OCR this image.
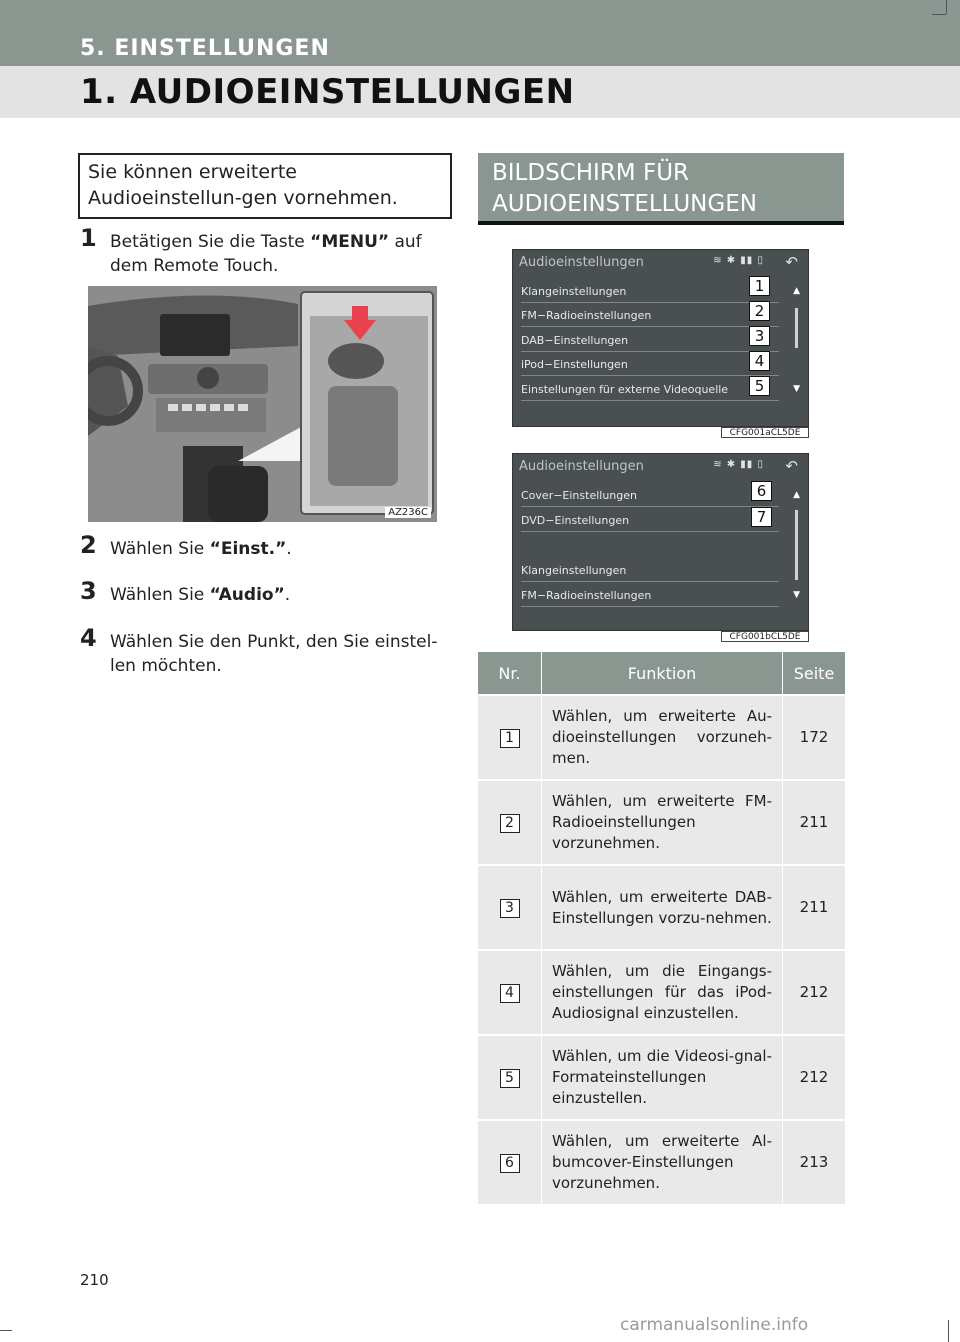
5. EINSTELLUNGEN
1. AUDIOEINSTELLUNGEN
Sie können erweiterte Audioeinstellun-gen vornehmen.
1 Betätigen Sie die Taste “MENU” auf dem Remote Touch.
AZ236C
2 Wählen Sie “Einst.”.
3 Wählen Sie “Audio”.
4 Wählen Sie den Punkt, den Sie einstel-len möchten.
BILDSCHIRM FÜR AUDIOEINSTELLUNGEN
Audioeinstellungen	≋ ✱ ▮▮ ▯ ↶
Klangeinstellungen
FM−Radioeinstellungen
DAB−Einstellungen
iPod−Einstellungen
Einstellungen für externe Videoquelle
1
2
3
4
5
▲
▼
CFG001aCL5DE
Audioeinstellungen	≋ ✱ ▮▮ ▯ ↶
Cover−Einstellungen
DVD−Einstellungen
Klangeinstellungen
FM−Radioeinstellungen
6
7
▲
▼
CFG001bCL5DE
Nr.	Funktion	Seite
1	Wählen, um erweiterte Au-dioeinstellungen vorzuneh-men.	172
2	Wählen, um erweiterte FM-Radioeinstellungen vorzunehmen.	211
3	Wählen, um erweiterte DAB-Einstellungen vorzu-nehmen.	211
4	Wählen, um die Eingangs-einstellungen für das iPod-Audiosignal einzustellen.	212
5	Wählen, um die Videosi-gnal-Formateinstellungen einzustellen.	212
6	Wählen, um erweiterte Al-bumcover-Einstellungen vorzunehmen.	213
210
carmanualsonline.info
